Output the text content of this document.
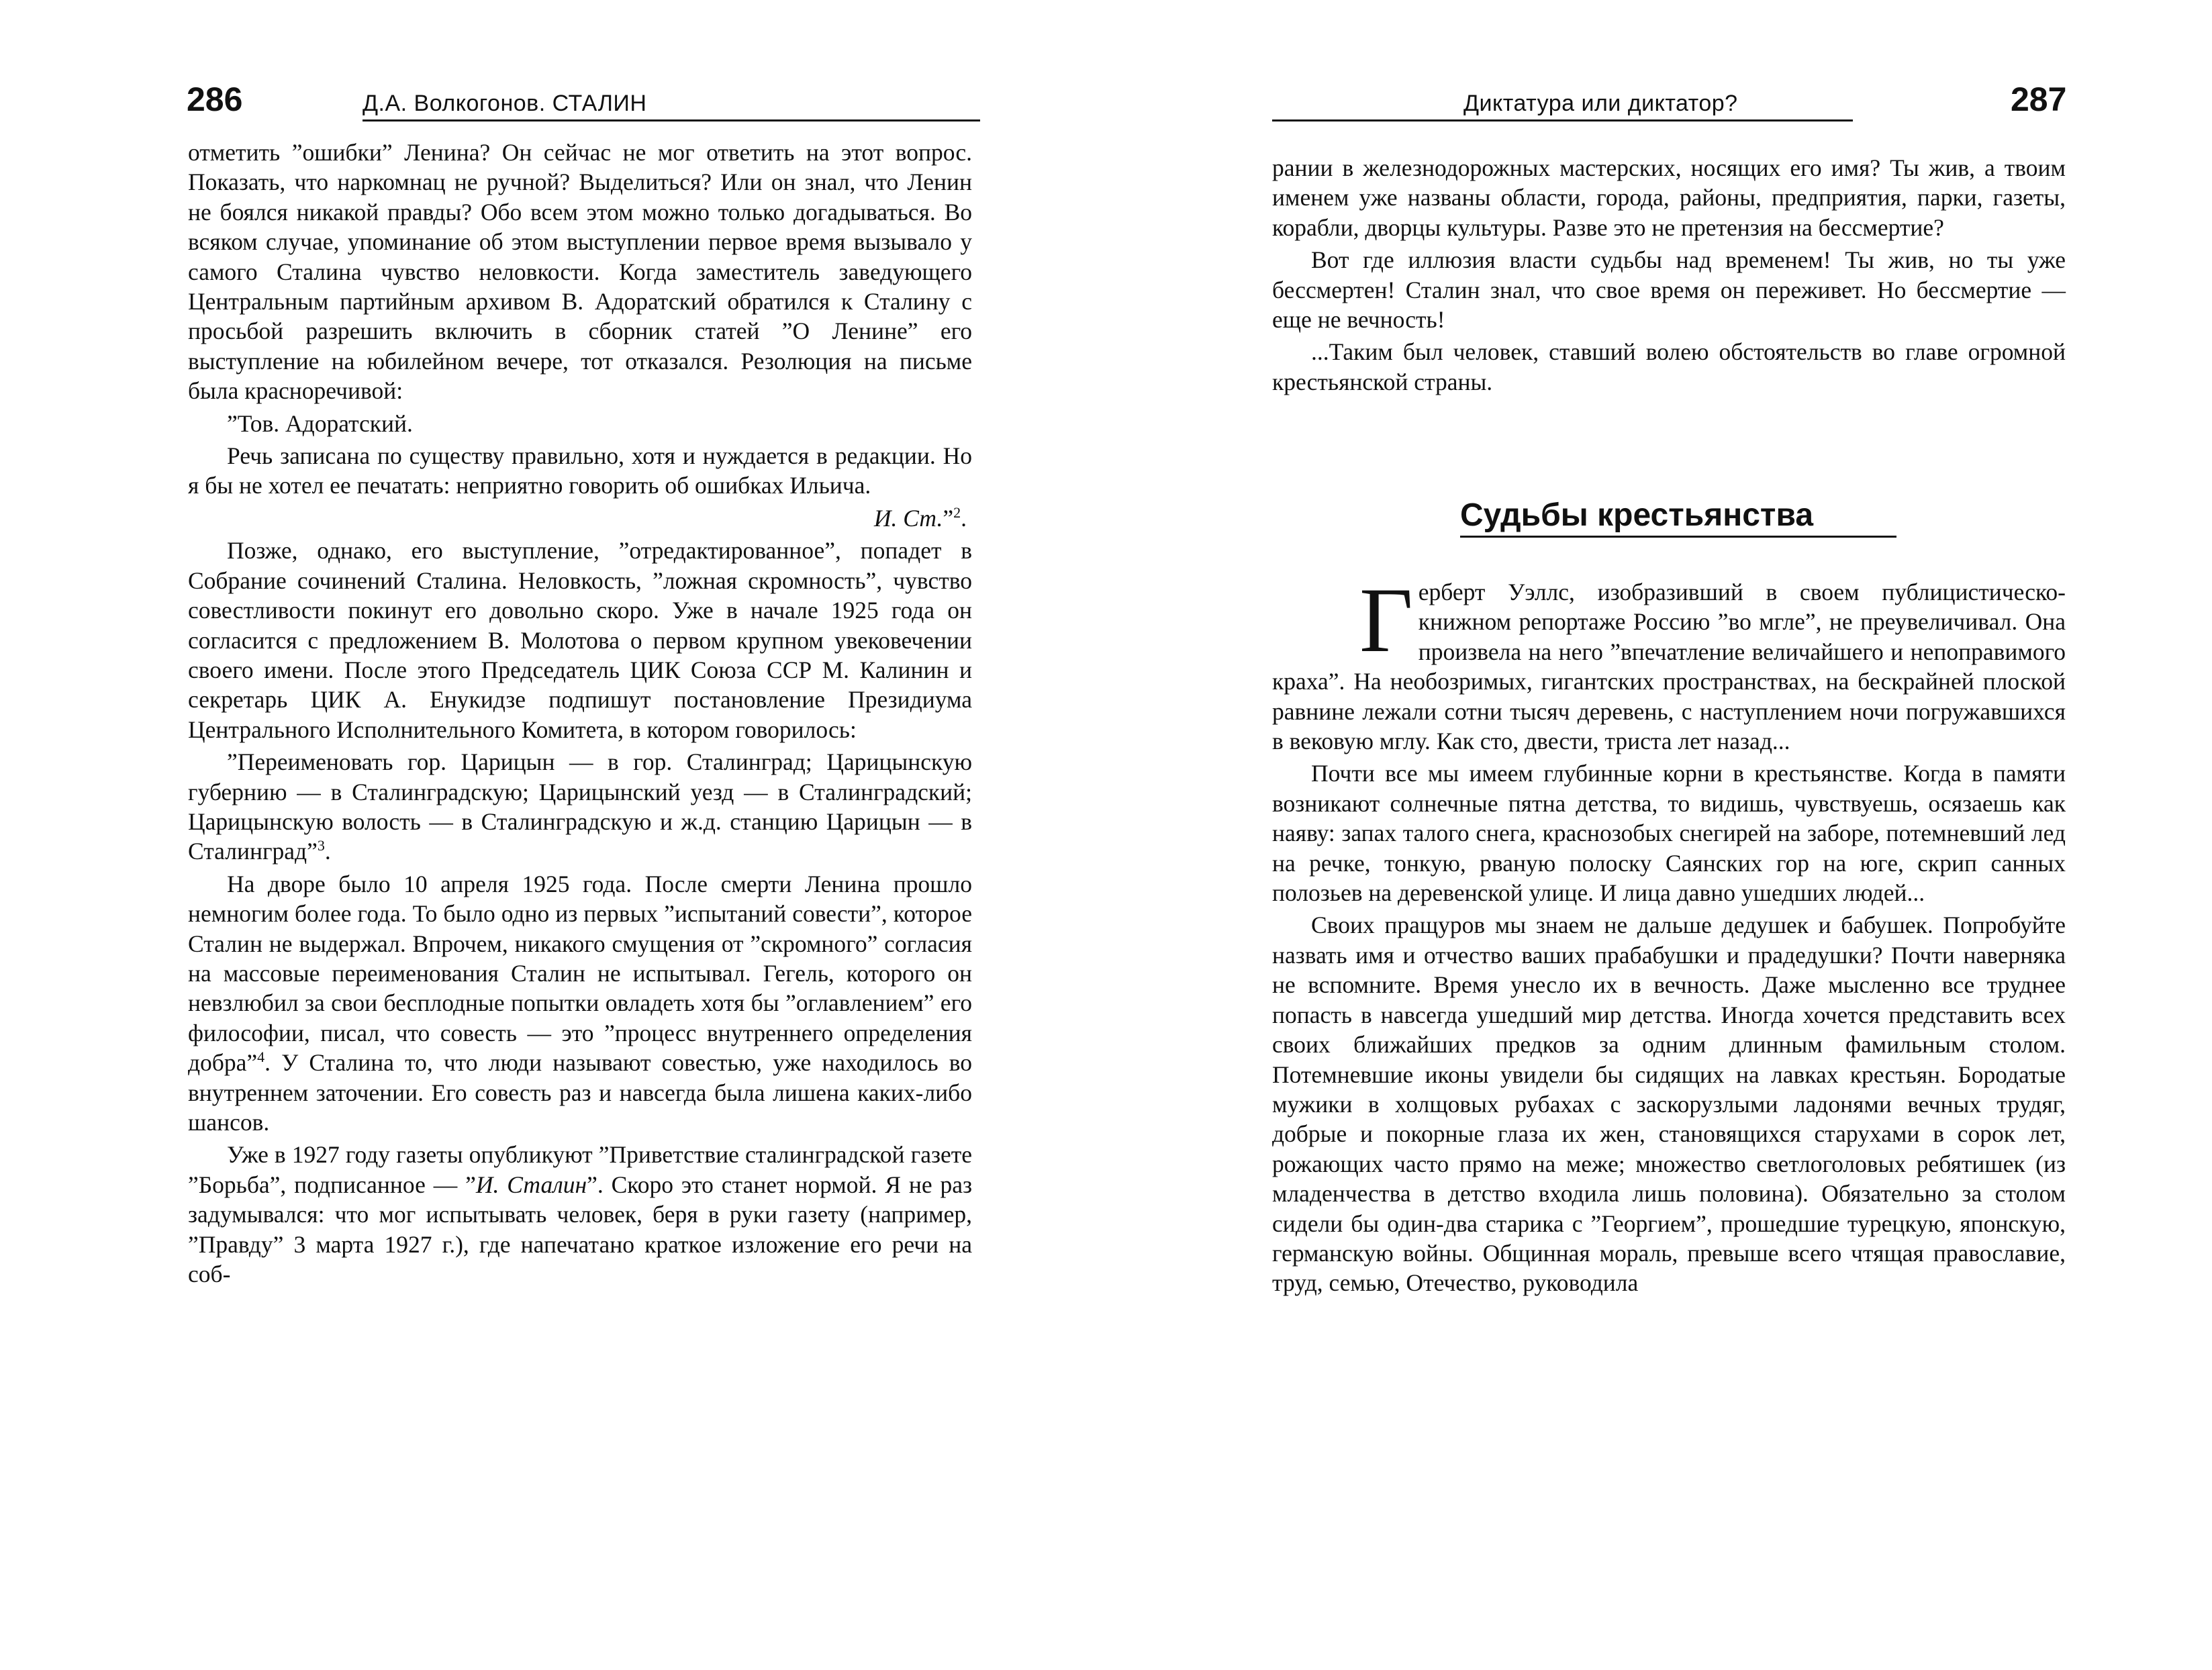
286	Д.А. Волкогонов. СТАЛИН

отметить ”ошибки” Ленина? Он сейчас не мог ответить на этот вопрос. Показать, что наркомнац не ручной? Выделиться? Или он знал, что Ленин не боялся никакой правды? Обо всем этом можно только догадываться. Во всяком случае, упоминание об этом выступлении первое время вызывало у самого Сталина чувство неловкости. Когда заместитель заведующего Центральным партийным архивом В. Адоратский обратился к Сталину с просьбой разрешить включить в сборник статей ”О Ленине” его выступление на юбилейном вечере, тот отказался. Резолюция на письме была красноречивой:

”Тов. Адоратский.

Речь записана по существу правильно, хотя и нуждается в редакции. Но я бы не хотел ее печатать: неприятно говорить об ошибках Ильича.

И. Ст.”$^2$.

Позже, однако, его выступление, ”отредактированное”, попадет в Собрание сочинений Сталина. Неловкость, ”ложная скромность”, чувство совестливости покинут его довольно скоро. Уже в начале 1925 года он согласится с предложением В. Молотова о первом крупном увековечении своего имени. После этого Председатель ЦИК Союза ССР М. Калинин и секретарь ЦИК А. Енукидзе подпишут постановление Президиума Центрального Исполнительного Комитета, в котором говорилось:

”Переименовать гор. Царицын — в гор. Сталинград; Царицынскую губернию — в Сталинградскую; Царицынский уезд — в Сталинградский; Царицынскую волость — в Сталинградскую и ж.д. станцию Царицын — в Сталинград”$^3$.

На дворе было 10 апреля 1925 года. После смерти Ленина прошло немногим более года. То было одно из первых ”испытаний совести”, которое Сталин не выдержал. Впрочем, никакого смущения от ”скромного” согласия на массовые переименования Сталин не испытывал. Гегель, которого он невзлюбил за свои бесплодные попытки овладеть хотя бы ”оглавлением” его философии, писал, что совесть — это ”процесс внутреннего определения добра”$^4$. У Сталина то, что люди называют совестью, уже находилось во внутреннем заточении. Его совесть раз и навсегда была лишена каких-либо шансов.

Уже в 1927 году газеты опубликуют ”Приветствие сталинградской газете ”Борьба”, подписанное — ”И. Сталин”. Скоро это станет нормой. Я не раз задумывался: что мог испытывать человек, беря в руки газету (например, ”Правду” 3 марта 1927 г.), где напечатано краткое изложение его речи на соб-

Диктатура или диктатор?	287

рании в железнодорожных мастерских, носящих его имя? Ты жив, а твоим именем уже названы области, города, районы, предприятия, парки, газеты, корабли, дворцы культуры. Разве это не претензия на бессмертие?

Вот где иллюзия власти судьбы над временем! Ты жив, но ты уже бессмертен! Сталин знал, что свое время он переживет. Но бессмертие — еще не вечность!

...Таким был человек, ставший волею обстоятельств во главе огромной крестьянской страны.

Судьбы крестьянства

Герберт Уэллс, изобразивший в своем публицистическо-книжном репортаже Россию ”во мгле”, не преувеличивал. Она произвела на него ”впечатление величайшего и непоправимого краха”. На необозримых, гигантских пространствах, на бескрайней плоской равнине лежали сотни тысяч деревень, с наступлением ночи погружавшихся в вековую мглу. Как сто, двести, триста лет назад...

Почти все мы имеем глубинные корни в крестьянстве. Когда в памяти возникают солнечные пятна детства, то видишь, чувствуешь, осязаешь как наяву: запах талого снега, краснозобых снегирей на заборе, потемневший лед на речке, тонкую, рваную полоску Саянских гор на юге, скрип санных полозьев на деревенской улице. И лица давно ушедших людей...

Своих пращуров мы знаем не дальше дедушек и бабушек. Попробуйте назвать имя и отчество ваших прабабушки и прадедушки? Почти наверняка не вспомните. Время унесло их в вечность. Даже мысленно все труднее попасть в навсегда ушедший мир детства. Иногда хочется представить всех своих ближайших предков за одним длинным фамильным столом. Потемневшие иконы увидели бы сидящих на лавках крестьян. Бородатые мужики в холщовых рубахах с заскорузлыми ладонями вечных трудяг, добрые и покорные глаза их жен, становящихся старухами в сорок лет, рожающих часто прямо на меже; множество светлоголовых ребятишек (из младенчества в детство входила лишь половина). Обязательно за столом сидели бы один-два старика с ”Георгием”, прошедшие турецкую, японскую, германскую войны. Общинная мораль, превыше всего чтящая православие, труд, семью, Отечество, руководила
